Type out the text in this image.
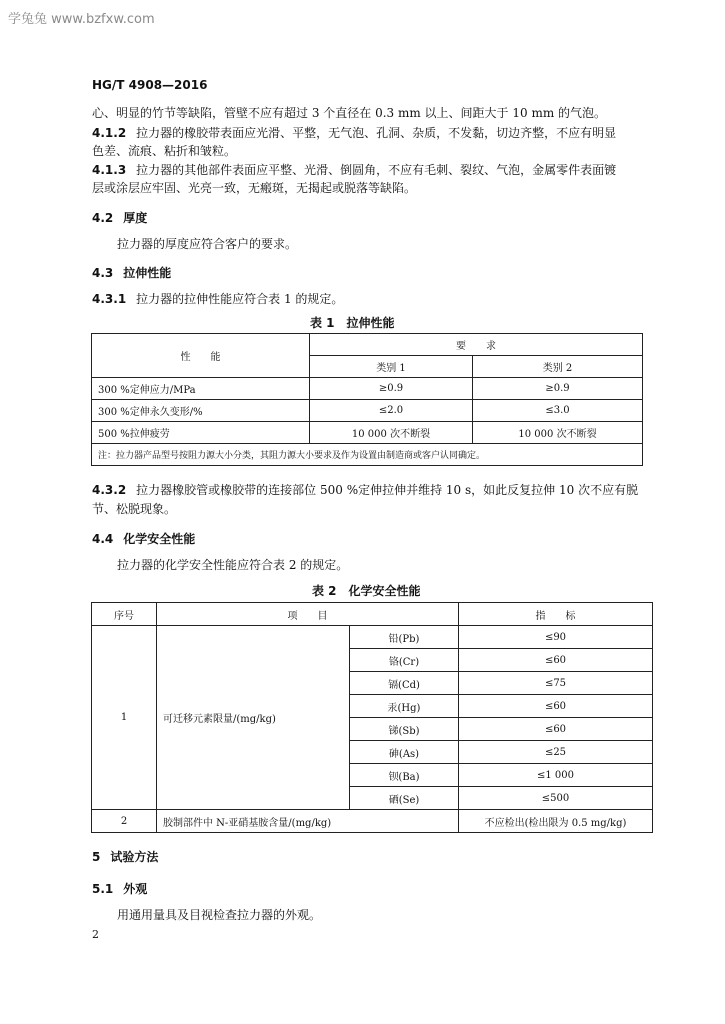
学兔兔 www.bzfxw.com
HG/T 4908—2016
心、明显的竹节等缺陷，管壁不应有超过 3 个直径在 0.3 mm 以上、间距大于 10 mm 的气泡。
4.1.2 拉力器的橡胶带表面应光滑、平整，无气泡、孔洞、杂质，不发黏，切边齐整，不应有明显
色差、流痕、粘折和皱粒。
4.1.3 拉力器的其他部件表面应平整、光滑、倒圆角，不应有毛刺、裂纹、气泡，金属零件表面镀
层或涂层应牢固、光亮一致，无瘢斑，无揭起或脱落等缺陷。
4.2 厚度
拉力器的厚度应符合客户的要求。
4.3 拉伸性能
4.3.1 拉力器的拉伸性能应符合表 1 的规定。
表 1　拉伸性能
性　　能	要　　求	
	类别 1	类别 2
300 %定伸应力/MPa	≥0.9	≥0.9
300 %定伸永久变形/%	≤2.0	≤3.0
500 %拉伸疲劳	10 000 次不断裂	10 000 次不断裂
注：拉力器产品型号按阻力源大小分类，其阻力源大小要求及作为设置由制造商或客户认同确定。		
4.3.2 拉力器橡胶管或橡胶带的连接部位 500 %定伸拉伸并维持 10 s，如此反复拉伸 10 次不应有脱
节、松脱现象。
4.4 化学安全性能
拉力器的化学安全性能应符合表 2 的规定。
表 2　化学安全性能
序号	项　　目		指　　标
1	可迁移元素限量/(mg/kg)	铅(Pb)	≤90
		铬(Cr)	≤60
		镉(Cd)	≤75
		汞(Hg)	≤60
		锑(Sb)	≤60
		砷(As)	≤25
		钡(Ba)	≤1 000
		硒(Se)	≤500
2	胶制部件中 N-亚硝基胺含量/(mg/kg)		不应检出(检出限为 0.5 mg/kg)
5 试验方法
5.1 外观
用通用量具及目视检查拉力器的外观。
2
